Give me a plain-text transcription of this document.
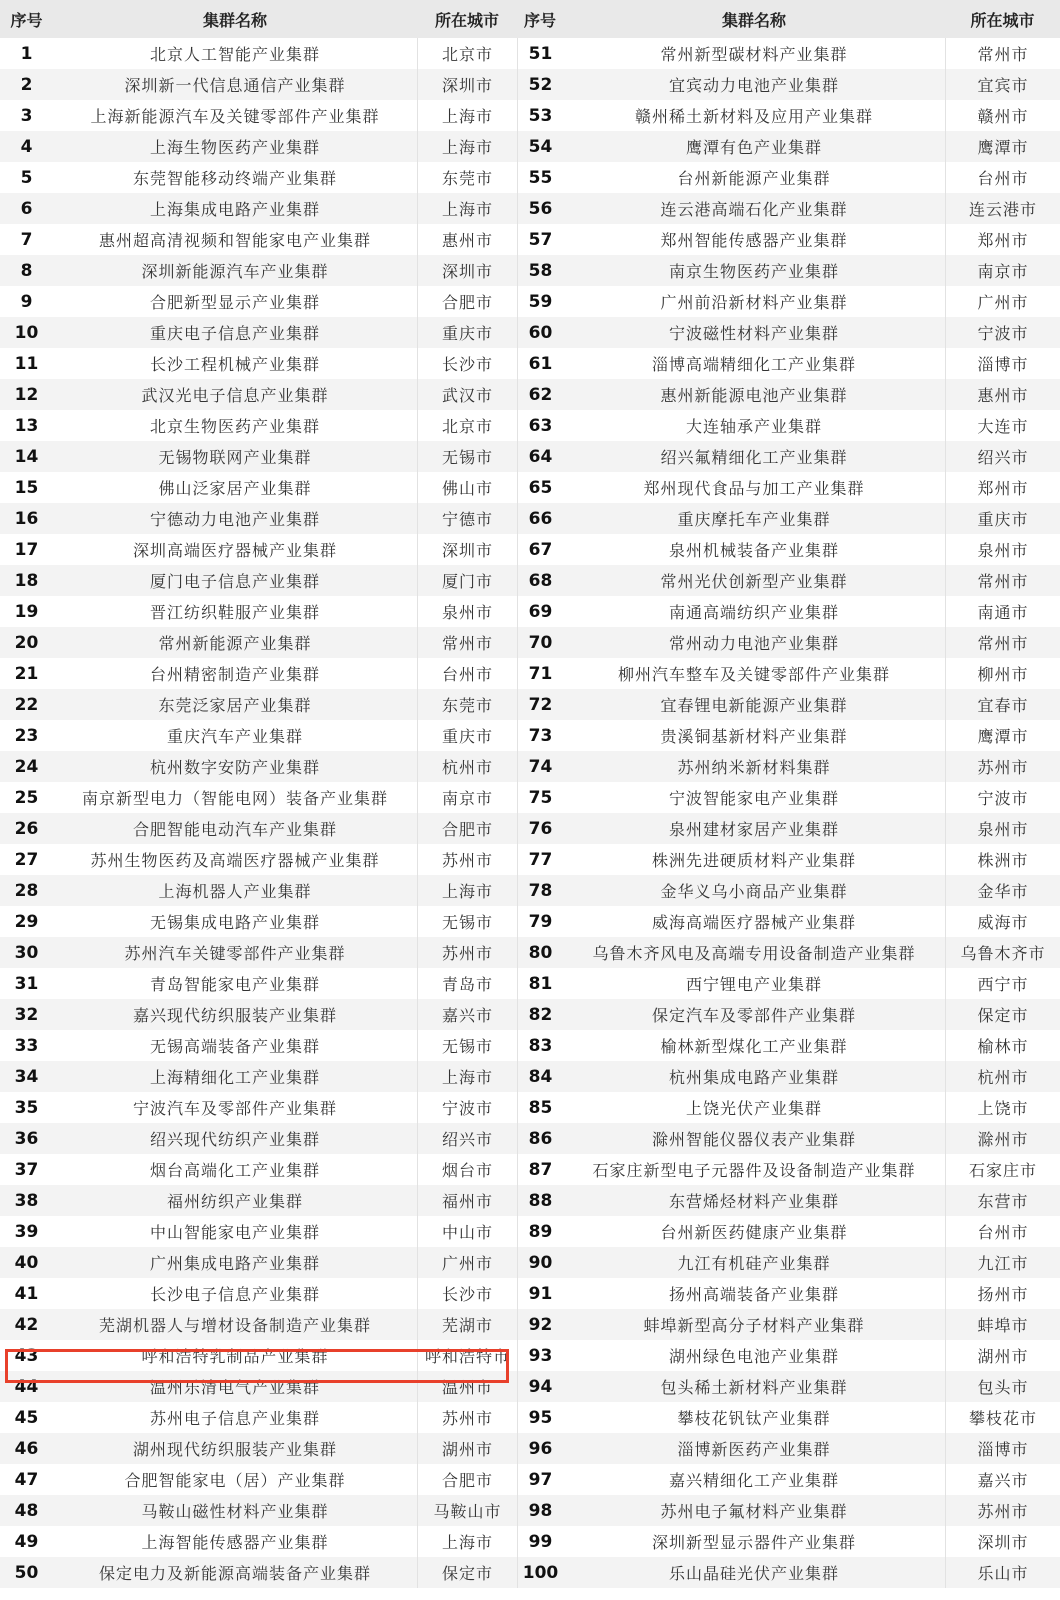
序号	集群名称	所在城市
1	北京人工智能产业集群	北京市
2	深圳新一代信息通信产业集群	深圳市
3	上海新能源汽车及关键零部件产业集群	上海市
4	上海生物医药产业集群	上海市
5	东莞智能移动终端产业集群	东莞市
6	上海集成电路产业集群	上海市
7	惠州超高清视频和智能家电产业集群	惠州市
8	深圳新能源汽车产业集群	深圳市
9	合肥新型显示产业集群	合肥市
10	重庆电子信息产业集群	重庆市
11	长沙工程机械产业集群	长沙市
12	武汉光电子信息产业集群	武汉市
13	北京生物医药产业集群	北京市
14	无锡物联网产业集群	无锡市
15	佛山泛家居产业集群	佛山市
16	宁德动力电池产业集群	宁德市
17	深圳高端医疗器械产业集群	深圳市
18	厦门电子信息产业集群	厦门市
19	晋江纺织鞋服产业集群	泉州市
20	常州新能源产业集群	常州市
21	台州精密制造产业集群	台州市
22	东莞泛家居产业集群	东莞市
23	重庆汽车产业集群	重庆市
24	杭州数字安防产业集群	杭州市
25	南京新型电力（智能电网）装备产业集群	南京市
26	合肥智能电动汽车产业集群	合肥市
27	苏州生物医药及高端医疗器械产业集群	苏州市
28	上海机器人产业集群	上海市
29	无锡集成电路产业集群	无锡市
30	苏州汽车关键零部件产业集群	苏州市
31	青岛智能家电产业集群	青岛市
32	嘉兴现代纺织服装产业集群	嘉兴市
33	无锡高端装备产业集群	无锡市
34	上海精细化工产业集群	上海市
35	宁波汽车及零部件产业集群	宁波市
36	绍兴现代纺织产业集群	绍兴市
37	烟台高端化工产业集群	烟台市
38	福州纺织产业集群	福州市
39	中山智能家电产业集群	中山市
40	广州集成电路产业集群	广州市
41	长沙电子信息产业集群	长沙市
42	芜湖机器人与增材设备制造产业集群	芜湖市
43	呼和浩特乳制品产业集群	呼和浩特市
44	温州乐清电气产业集群	温州市
45	苏州电子信息产业集群	苏州市
46	湖州现代纺织服装产业集群	湖州市
47	合肥智能家电（居）产业集群	合肥市
48	马鞍山磁性材料产业集群	马鞍山市
49	上海智能传感器产业集群	上海市
50	保定电力及新能源高端装备产业集群	保定市
序号	集群名称	所在城市
51	常州新型碳材料产业集群	常州市
52	宜宾动力电池产业集群	宜宾市
53	赣州稀土新材料及应用产业集群	赣州市
54	鹰潭有色产业集群	鹰潭市
55	台州新能源产业集群	台州市
56	连云港高端石化产业集群	连云港市
57	郑州智能传感器产业集群	郑州市
58	南京生物医药产业集群	南京市
59	广州前沿新材料产业集群	广州市
60	宁波磁性材料产业集群	宁波市
61	淄博高端精细化工产业集群	淄博市
62	惠州新能源电池产业集群	惠州市
63	大连轴承产业集群	大连市
64	绍兴氟精细化工产业集群	绍兴市
65	郑州现代食品与加工产业集群	郑州市
66	重庆摩托车产业集群	重庆市
67	泉州机械装备产业集群	泉州市
68	常州光伏创新型产业集群	常州市
69	南通高端纺织产业集群	南通市
70	常州动力电池产业集群	常州市
71	柳州汽车整车及关键零部件产业集群	柳州市
72	宜春锂电新能源产业集群	宜春市
73	贵溪铜基新材料产业集群	鹰潭市
74	苏州纳米新材料集群	苏州市
75	宁波智能家电产业集群	宁波市
76	泉州建材家居产业集群	泉州市
77	株洲先进硬质材料产业集群	株洲市
78	金华义乌小商品产业集群	金华市
79	威海高端医疗器械产业集群	威海市
80	乌鲁木齐风电及高端专用设备制造产业集群	乌鲁木齐市
81	西宁锂电产业集群	西宁市
82	保定汽车及零部件产业集群	保定市
83	榆林新型煤化工产业集群	榆林市
84	杭州集成电路产业集群	杭州市
85	上饶光伏产业集群	上饶市
86	滁州智能仪器仪表产业集群	滁州市
87	石家庄新型电子元器件及设备制造产业集群	石家庄市
88	东营烯烃材料产业集群	东营市
89	台州新医药健康产业集群	台州市
90	九江有机硅产业集群	九江市
91	扬州高端装备产业集群	扬州市
92	蚌埠新型高分子材料产业集群	蚌埠市
93	湖州绿色电池产业集群	湖州市
94	包头稀土新材料产业集群	包头市
95	攀枝花钒钛产业集群	攀枝花市
96	淄博新医药产业集群	淄博市
97	嘉兴精细化工产业集群	嘉兴市
98	苏州电子氟材料产业集群	苏州市
99	深圳新型显示器件产业集群	深圳市
100	乐山晶硅光伏产业集群	乐山市
